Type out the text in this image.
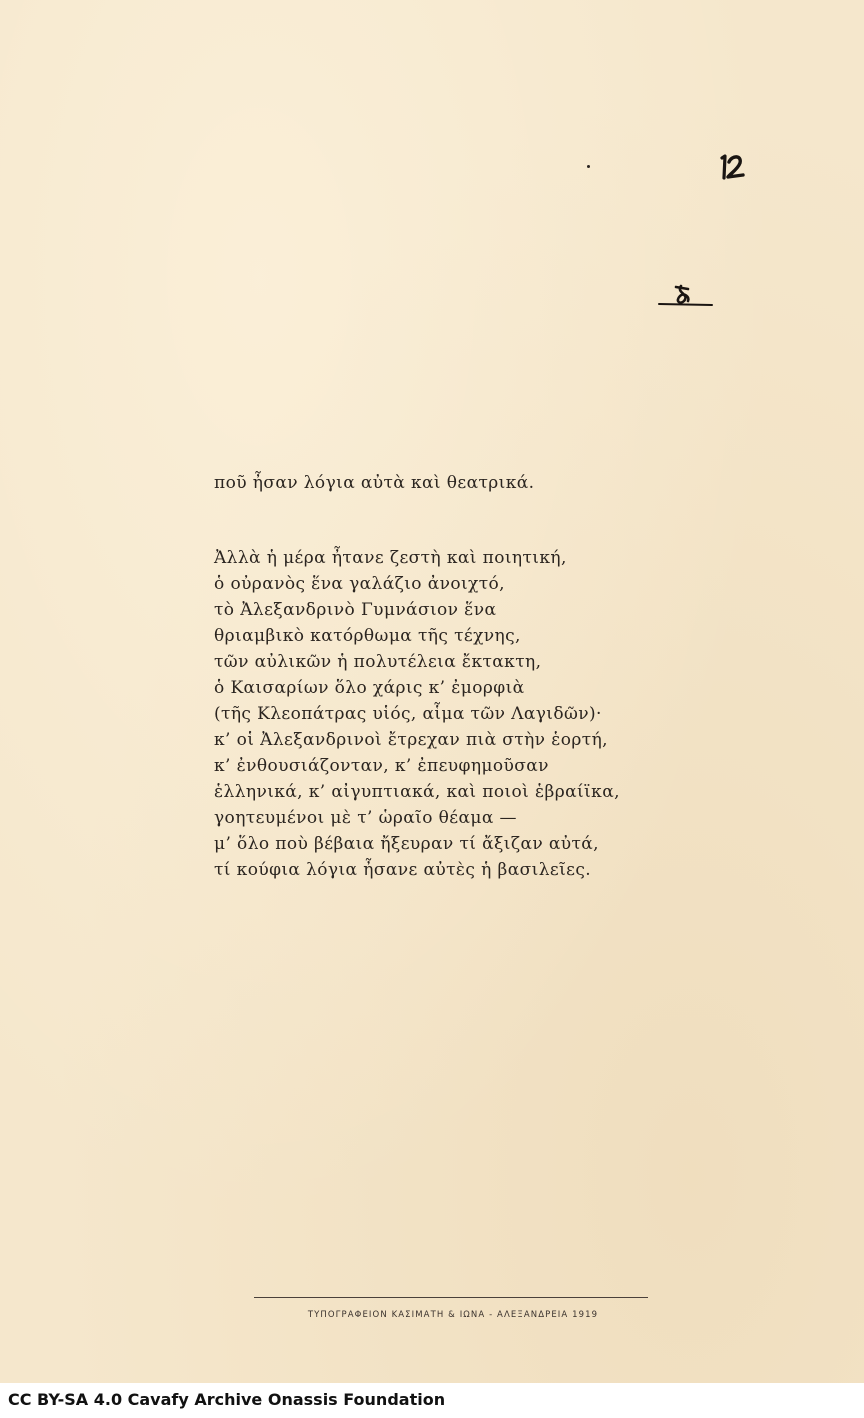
ποῦ ἦσαν λόγια αὐτὰ καὶ θεατρικά.
Ἀλλὰ ἡ μέρα ἦτανε ζεστὴ καὶ ποιητική,
ὁ οὐρανὸς ἕνα γαλάζιο ἀνοιχτό,
τὸ Ἀλεξανδρινὸ Γυμνάσιον ἕνα
θριαμβικὸ κατόρθωμα τῆς τέχνης,
τῶν αὐλικῶν ἡ πολυτέλεια ἔκτακτη,
ὁ Καισαρίων ὅλο χάρις κ’ ἐμορφιὰ
(τῆς Κλεοπάτρας υἱός, αἷμα τῶν Λαγιδῶν)·
κ’ οἱ Ἀλεξανδρινοὶ ἔτρεχαν πιὰ στὴν ἑορτή,
κ’ ἐνθουσιάζονταν, κ’ ἐπευφημοῦσαν
ἑλληνικά, κ’ αἰγυπτιακά, καὶ ποιοὶ ἑβραίϊκα,
γοητευμένοι μὲ τ’ ὡραῖο θέαμα —
μ’ ὅλο ποὺ βέβαια ἤξευραν τί ἄξιζαν αὐτά,
τί κούφια λόγια ἦσανε αὐτὲς ἡ βασιλεῖες.
ΤΥΠΟΓΡΑΦΕΙΟΝ ΚΑΣΙΜΑΤΗ & ΙΩΝΑ - ΑΛΕΞΑΝΔΡΕΙΑ 1919
CC BY-SA 4.0 Cavafy Archive Onassis Foundation
